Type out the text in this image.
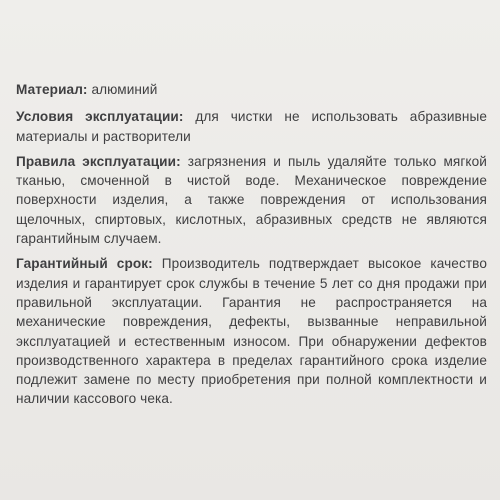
Материал: алюминий

Условия эксплуатации: для чистки не использовать абразивные материалы и растворители

Правила эксплуатации: загрязнения и пыль удаляйте только мягкой тканью, смоченной в чистой воде. Механическое повреждение поверхности изделия, а также повреждения от использования щелочных, спиртовых, кислотных, абразивных средств не являются гарантийным случаем.

Гарантийный срок: Производитель подтверждает высокое качество изделия и гарантирует срок службы в течение 5 лет со дня продажи при правильной эксплуатации. Гарантия не распространяется на механические повреждения, дефекты, вызванные неправильной эксплуатацией и естественным износом. При обнаружении дефектов производственного характера в пределах гарантийного срока изделие подлежит замене по месту приобретения при полной комплектности и наличии кассового чека.
